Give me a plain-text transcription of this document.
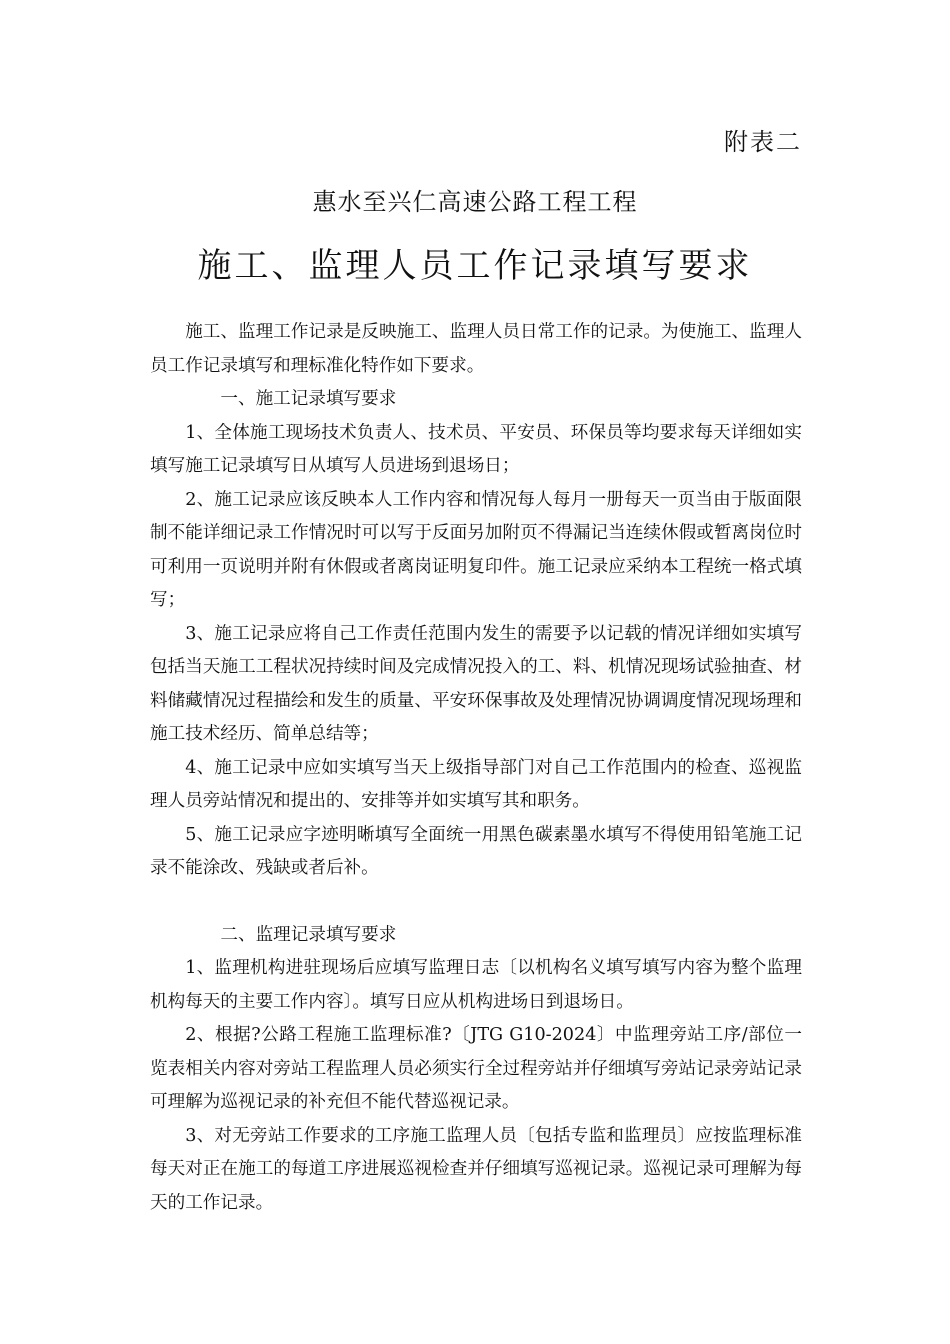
附表二
惠水至兴仁高速公路工程工程
施工、监理人员工作记录填写要求

施工、监理工作记录是反映施工、监理人员日常工作的记录。为使施工、监理人员工作记录填写和理标准化特作如下要求。

一、施工记录填写要求

1、全体施工现场技术负责人、技术员、平安员、环保员等均要求每天详细如实填写施工记录填写日从填写人员进场到退场日；

2、施工记录应该反映本人工作内容和情况每人每月一册每天一页当由于版面限制不能详细记录工作情况时可以写于反面另加附页不得漏记当连续休假或暂离岗位时可利用一页说明并附有休假或者离岗证明复印件。施工记录应采纳本工程统一格式填写；

3、施工记录应将自己工作责任范围内发生的需要予以记载的情况详细如实填写包括当天施工工程状况持续时间及完成情况投入的工、料、机情况现场试验抽查、材料储藏情况过程描绘和发生的质量、平安环保事故及处理情况协调调度情况现场理和施工技术经历、简单总结等；

4、施工记录中应如实填写当天上级指导部门对自己工作范围内的检查、巡视监理人员旁站情况和提出的、安排等并如实填写其和职务。

5、施工记录应字迹明晰填写全面统一用黑色碳素墨水填写不得使用铅笔施工记录不能涂改、残缺或者后补。

二、监理记录填写要求

1、监理机构进驻现场后应填写监理日志〔以机构名义填写填写内容为整个监理机构每天的主要工作内容〕。填写日应从机构进场日到退场日。

2、根据?公路工程施工监理标准?〔JTG G10-2024〕中监理旁站工序/部位一览表相关内容对旁站工程监理人员必须实行全过程旁站并仔细填写旁站记录旁站记录可理解为巡视记录的补充但不能代替巡视记录。

3、对无旁站工作要求的工序施工监理人员〔包括专监和监理员〕应按监理标准每天对正在施工的每道工序进展巡视检查并仔细填写巡视记录。巡视记录可理解为每天的工作记录。
